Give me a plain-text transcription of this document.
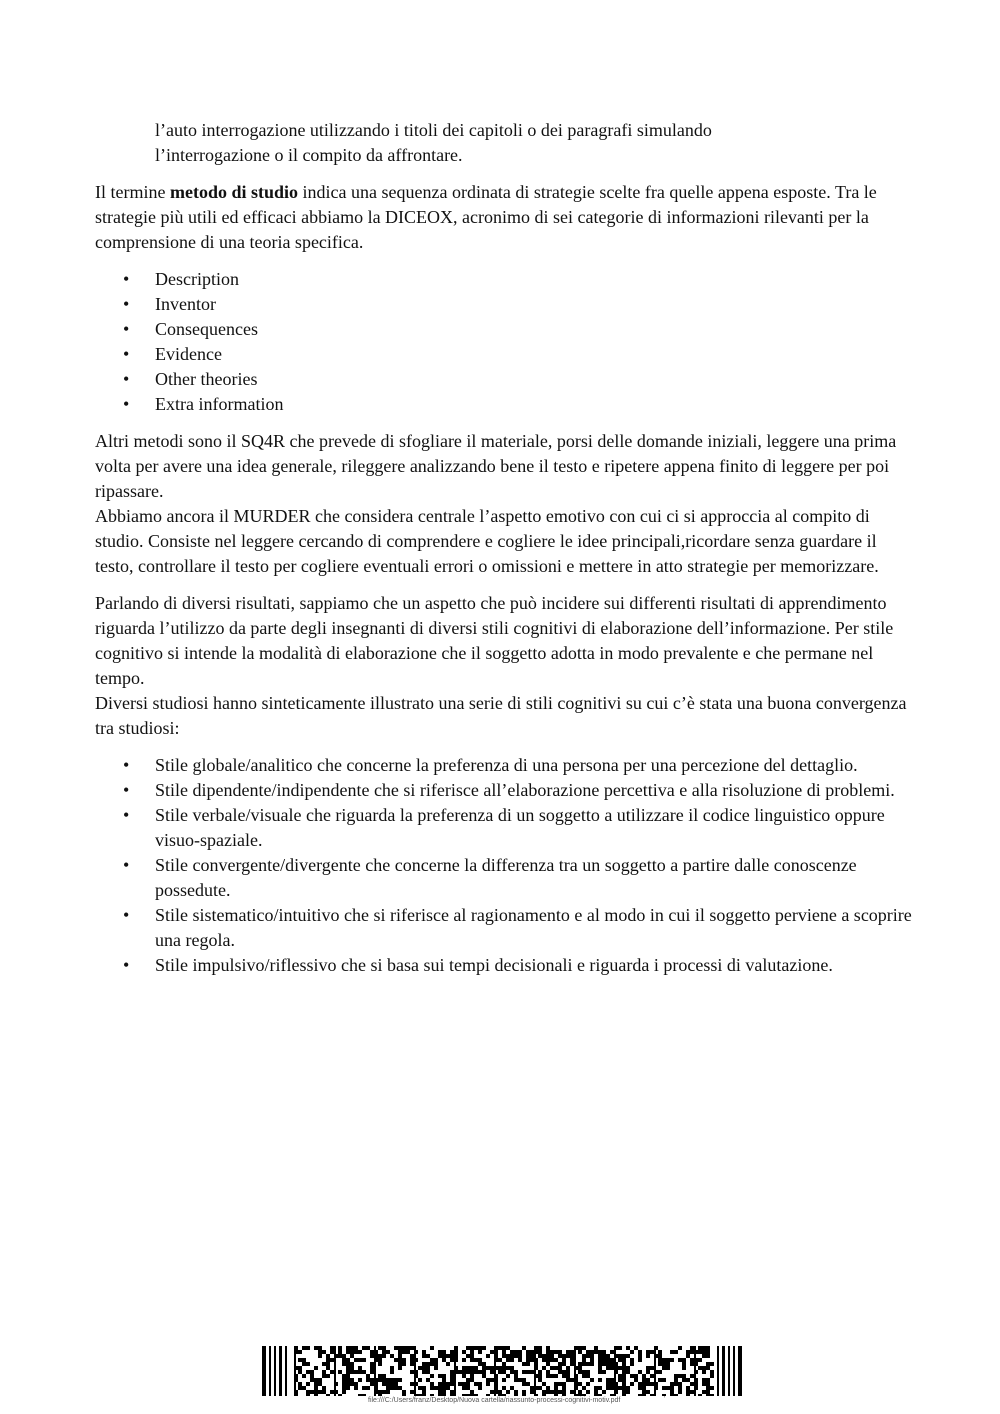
l’auto interrogazione utilizzando i titoli dei capitoli o dei paragrafi simulando

l’interrogazione o il compito da affrontare.

Il termine metodo di studio indica una sequenza ordinata di strategie scelte fra quelle appena esposte. Tra le strategie più utili ed efficaci abbiamo la DICEOX, acronimo di sei categorie di informazioni rilevanti per la comprensione di una teoria specifica.

• Description
• Inventor
• Consequences
• Evidence
• Other theories
• Extra information

Altri metodi sono il SQ4R che prevede di sfogliare il materiale, porsi delle domande iniziali, leggere una prima volta per avere una idea generale, rileggere analizzando bene il testo e ripetere appena finito di leggere per poi ripassare.

Abbiamo ancora il MURDER che considera centrale l’aspetto emotivo con cui ci si approccia al compito di studio. Consiste nel leggere cercando di comprendere e cogliere le idee principali,ricordare senza guardare il testo, controllare il testo per cogliere eventuali errori o omissioni e mettere in atto strategie per memorizzare.

Parlando di diversi risultati, sappiamo che un aspetto che può incidere sui differenti risultati di apprendimento riguarda l’utilizzo da parte degli insegnanti di diversi stili cognitivi di elaborazione dell’informazione. Per stile cognitivo si intende la modalità di elaborazione che il soggetto adotta in modo prevalente e che permane nel tempo.

Diversi studiosi hanno sinteticamente illustrato una serie di stili cognitivi su cui c’è stata una buona convergenza tra studiosi:

• Stile globale/analitico che concerne la preferenza di una persona per una percezione del dettaglio.
• Stile dipendente/indipendente che si riferisce all’elaborazione percettiva e alla risoluzione di problemi.
• Stile verbale/visuale che riguarda la preferenza di un soggetto a utilizzare il codice linguistico oppure visuo-spaziale.
• Stile convergente/divergente che concerne la differenza tra un soggetto a partire dalle conoscenze possedute.
• Stile sistematico/intuitivo che si riferisce al ragionamento e al modo in cui il soggetto perviene a scoprire una regola.
• Stile impulsivo/riflessivo che si basa sui tempi decisionali e riguarda i processi di valutazione.
file:///C:/Users/franz/Desktop/Nuova cartella/riassunto-processi-cognitivi-motiv.pdf	'
